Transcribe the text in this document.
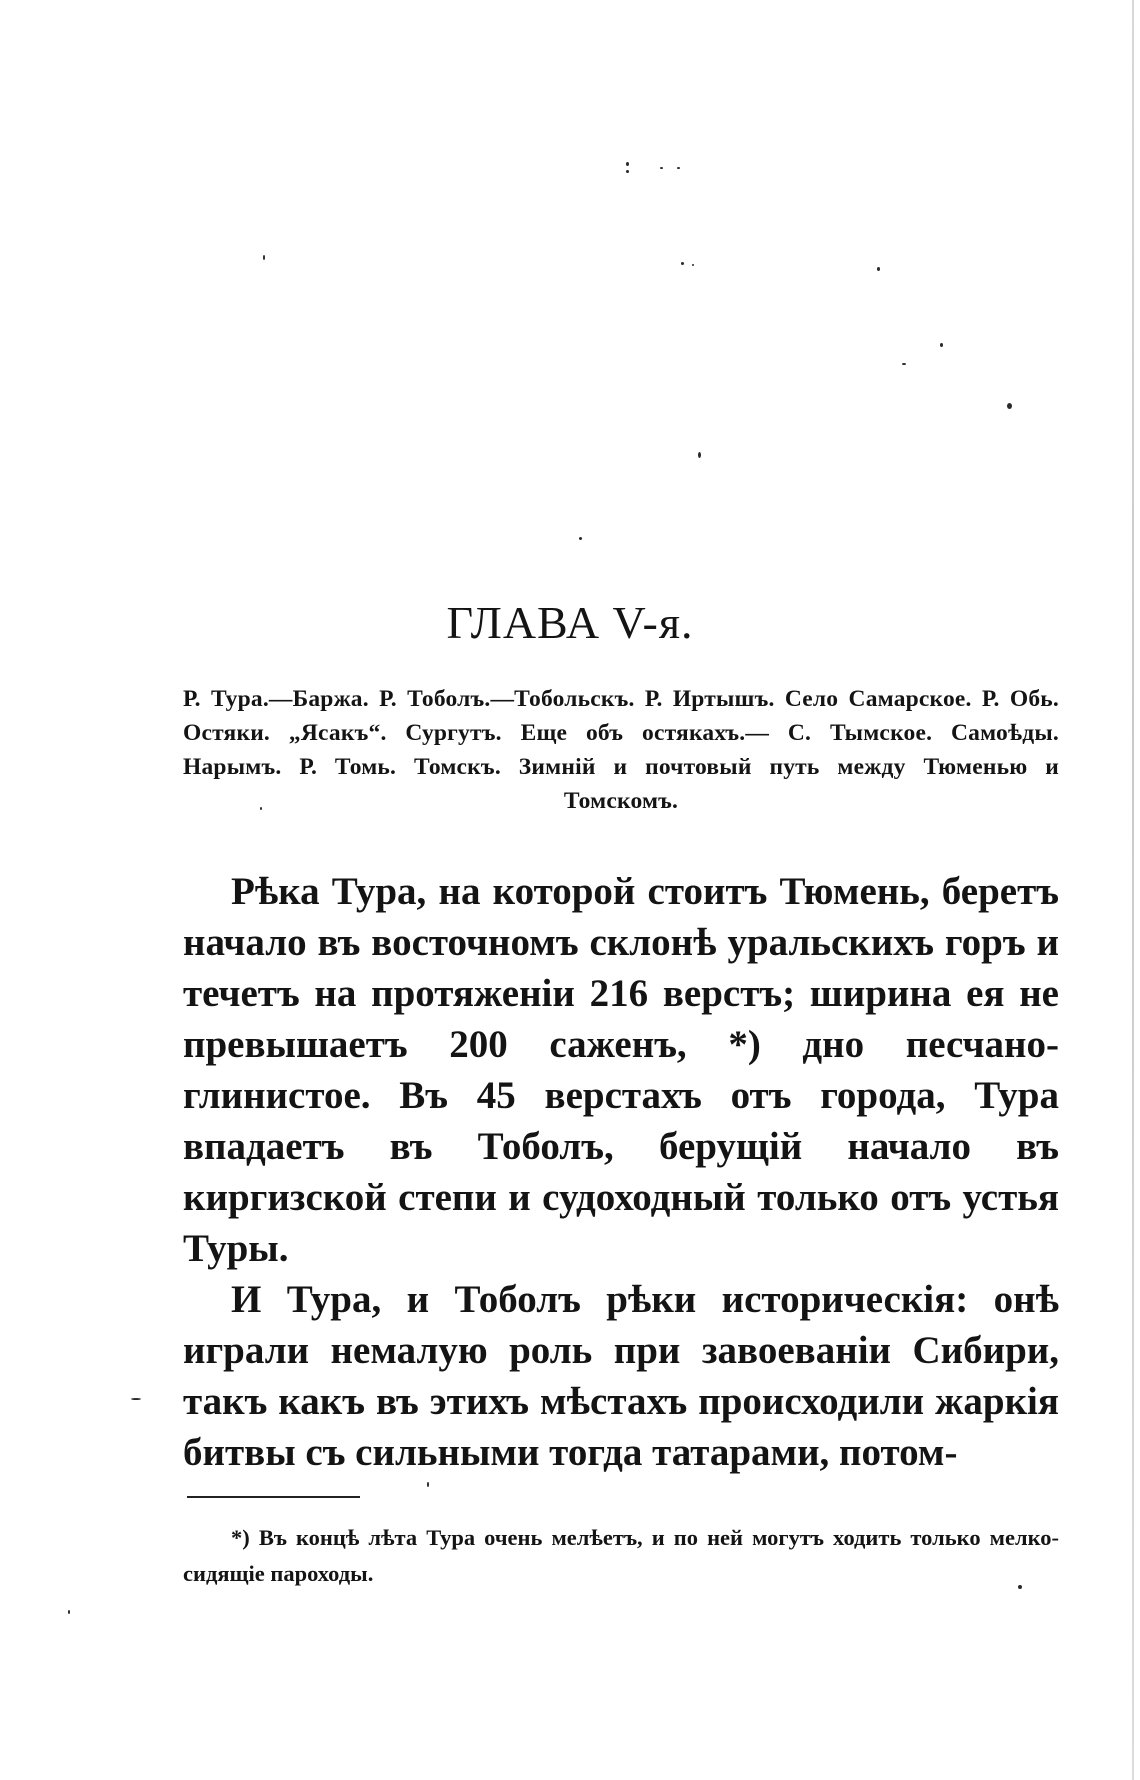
ГЛАВА V-я.

Р. Тура.—Баржа. Р. Тоболъ.—Тобольскъ. Р. Иртышъ. Село Самарское. Р. Обь. Остяки. „Ясакъ“. Сургутъ. Еще объ остякахъ.— С. Тымское. Самоѣды. Нарымъ. Р. Томь. Томскъ. Зимній и почтовый путь между Тюменью и Томскомъ.

Рѣка Тура, на которой стоитъ Тюмень, беретъ начало въ восточномъ склонѣ уральскихъ горъ и течетъ на протяженіи 216 верстъ; ширина ея не превышаетъ 200 саженъ, *) дно песчано-глинистое. Въ 45 верстахъ отъ города, Тура впадаетъ въ Тоболъ, берущій начало въ киргизской степи и судоходный только отъ устья Туры.

И Тура, и Тоболъ рѣки историческія: онѣ играли немалую роль при завоеваніи Сибири, такъ какъ въ этихъ мѣстахъ происходили жаркія битвы съ сильными тогда татарами, потом-

*) Въ концѣ лѣта Тура очень мелѣетъ, и по ней могутъ ходить только мелко-сидящіе пароходы.
